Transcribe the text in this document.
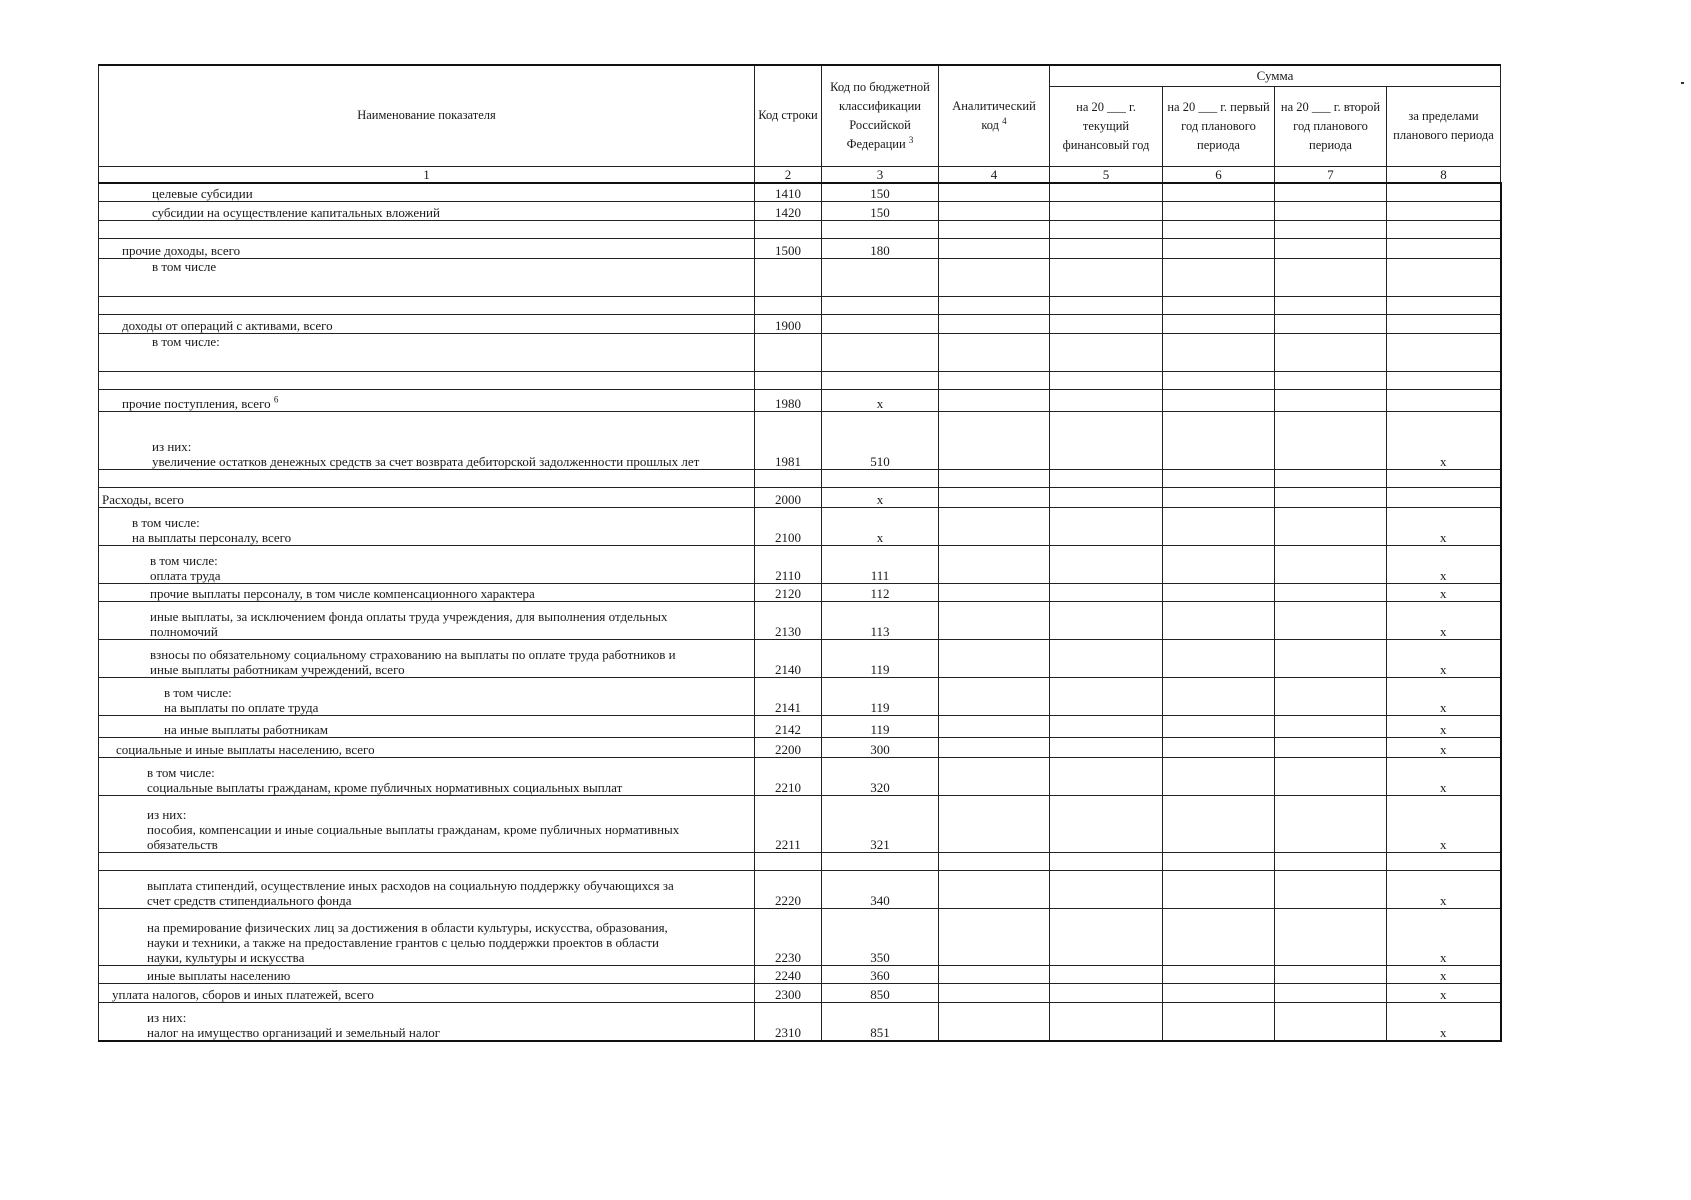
Наименование показателя	Код строки	Код по бюджетной классификации Российской Федерации $^3$	Аналитический код $^4$	Сумма			
				на 20 ___ г. текущий финансовый год	на 20 ___ г. первый год планового периода	на 20 ___ г. второй год планового периода	за пределами планового периода
1	2	3	4	5	6	7	8
целевые субсидии	1410	150					
субсидии на осуществление капитальных вложений	1420	150					

прочие доходы, всего	1500	180					
в том числе							

доходы от операций с активами, всего	1900						
в том числе:							

прочие поступления, всего $^6$	1980	x					
из них:
увеличение остатков денежных средств за счет возврата дебиторской задолженности прошлых лет	1981	510					x

Расходы, всего	2000	x					
в том числе:
на выплаты персоналу, всего	2100	x					x
в том числе:
оплата труда	2110	111					x
прочие выплаты персоналу, в том числе компенсационного характера	2120	112					x
иные выплаты, за исключением фонда оплаты труда учреждения, для выполнения отдельных
полномочий	2130	113					x
взносы по обязательному социальному страхованию на выплаты по оплате труда работников и
иные выплаты работникам учреждений, всего	2140	119					x
в том числе:
на выплаты по оплате труда	2141	119					x
на иные выплаты работникам	2142	119					x
социальные и иные выплаты населению, всего	2200	300					x
в том числе:
социальные выплаты гражданам, кроме публичных нормативных социальных выплат	2210	320					x
из них:
пособия, компенсации и иные социальные выплаты гражданам, кроме публичных нормативных
обязательств	2211	321					x

выплата стипендий, осуществление иных расходов на социальную поддержку обучающихся за
счет средств стипендиального фонда	2220	340					x
на премирование физических лиц за достижения в области культуры, искусства, образования,
науки и техники, а также на предоставление грантов с целью поддержки проектов в области
науки, культуры и искусства	2230	350					x
иные выплаты населению	2240	360					x
уплата налогов, сборов и иных платежей, всего	2300	850					x
из них:
налог на имущество организаций и земельный налог	2310	851					x
